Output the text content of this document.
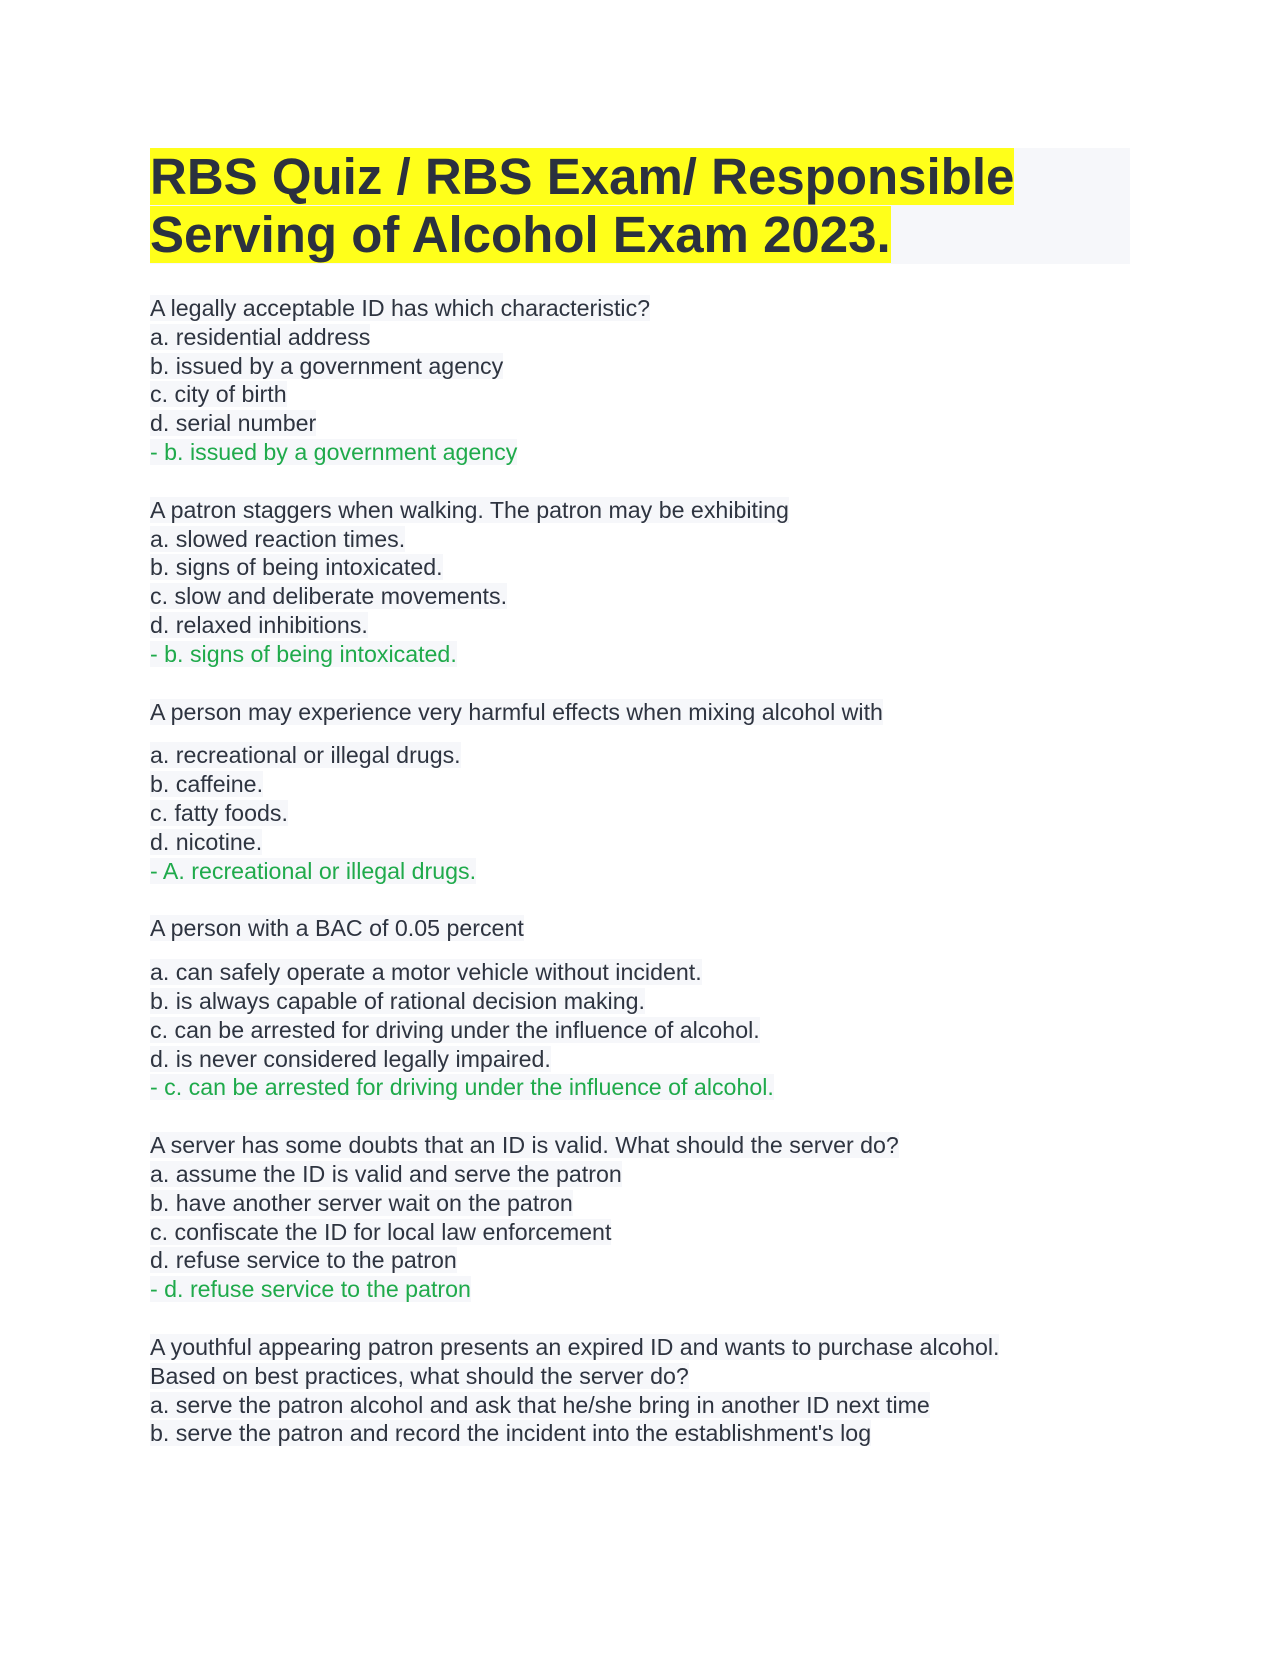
RBS Quiz / RBS Exam/ Responsible Serving of Alcohol Exam 2023.
A legally acceptable ID has which characteristic?
a. residential address
b. issued by a government agency
c. city of birth
d. serial number
- b. issued by a government agency
A patron staggers when walking. The patron may be exhibiting
a. slowed reaction times.
b. signs of being intoxicated.
c. slow and deliberate movements.
d. relaxed inhibitions.
- b. signs of being intoxicated.
A person may experience very harmful effects when mixing alcohol with
a. recreational or illegal drugs.
b. caffeine.
c. fatty foods.
d. nicotine.
- A. recreational or illegal drugs.
A person with a BAC of 0.05 percent
a. can safely operate a motor vehicle without incident.
b. is always capable of rational decision making.
c. can be arrested for driving under the influence of alcohol.
d. is never considered legally impaired.
- c. can be arrested for driving under the influence of alcohol.
A server has some doubts that an ID is valid. What should the server do?
a. assume the ID is valid and serve the patron
b. have another server wait on the patron
c. confiscate the ID for local law enforcement
d. refuse service to the patron
- d. refuse service to the patron
A youthful appearing patron presents an expired ID and wants to purchase alcohol.
Based on best practices, what should the server do?
a. serve the patron alcohol and ask that he/she bring in another ID next time
b. serve the patron and record the incident into the establishment's log
